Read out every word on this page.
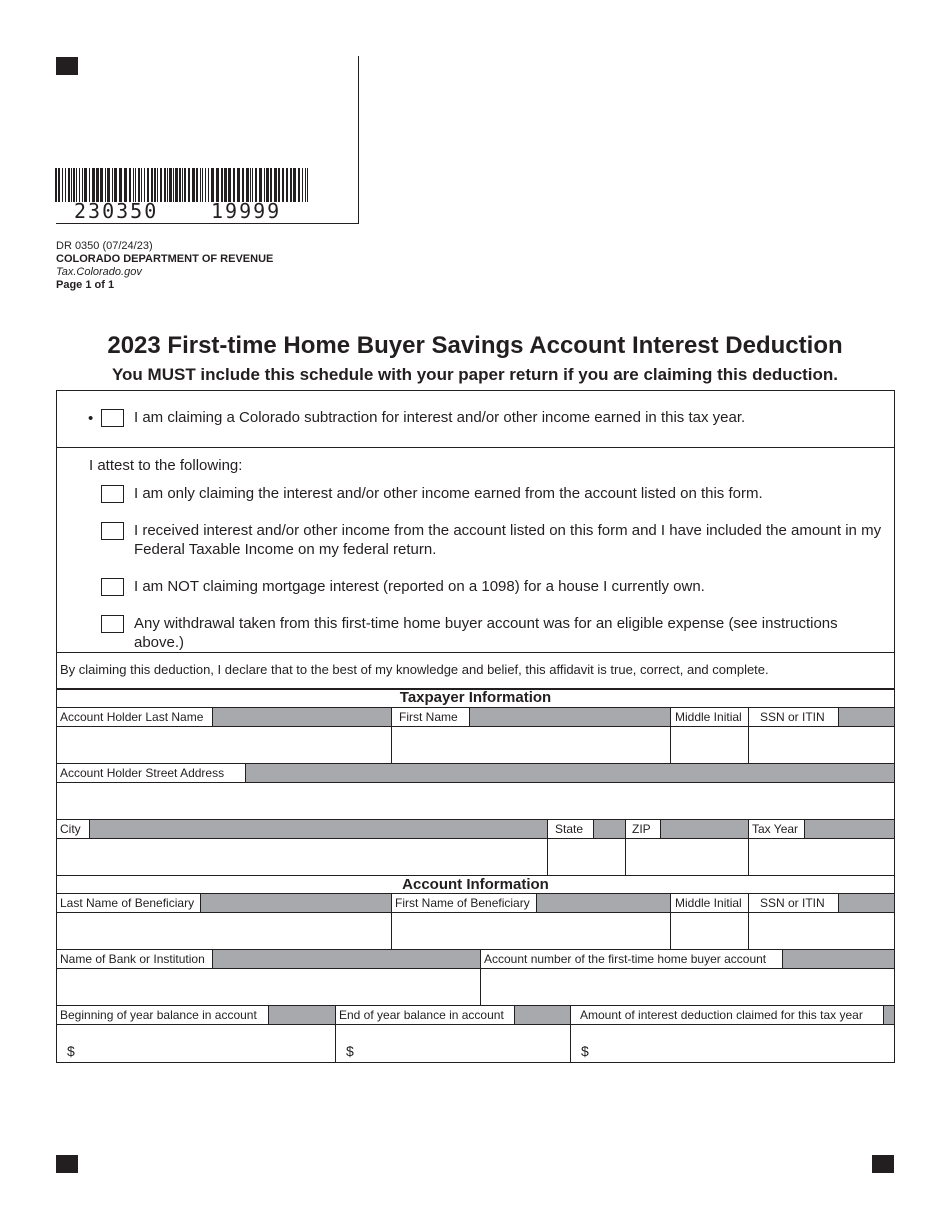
230350	19999
DR 0350 (07/24/23)
COLORADO DEPARTMENT OF REVENUE
Tax.Colorado.gov
Page 1 of 1
2023 First-time Home Buyer Savings Account Interest Deduction
You MUST include this schedule with your paper return if you are claiming this deduction.
•	I am claiming a Colorado subtraction for interest and/or other income earned in this tax year.
I attest to the following:
I am only claiming the interest and/or other income earned from the account listed on this form.
I received interest and/or other income from the account listed on this form and I have included the amount in my Federal Taxable Income on my federal return.
I am NOT claiming mortgage interest (reported on a 1098) for a house I currently own.
Any withdrawal taken from this first-time home buyer account was for an eligible expense (see instructions above.)
By claiming this deduction, I declare that to the best of my knowledge and belief, this affidavit is true, correct, and complete.
Taxpayer Information
Account Holder Last Name	First Name	Middle Initial	SSN or ITIN
Account Holder Street Address
City	State	ZIP	Tax Year
Account Information
Last Name of Beneficiary	First Name of Beneficiary	Middle Initial	SSN or ITIN
Name of Bank or Institution	Account number of the first-time home buyer account
Beginning of year balance in account	End of year balance in account	Amount of interest deduction claimed for this tax year
$	$	$
